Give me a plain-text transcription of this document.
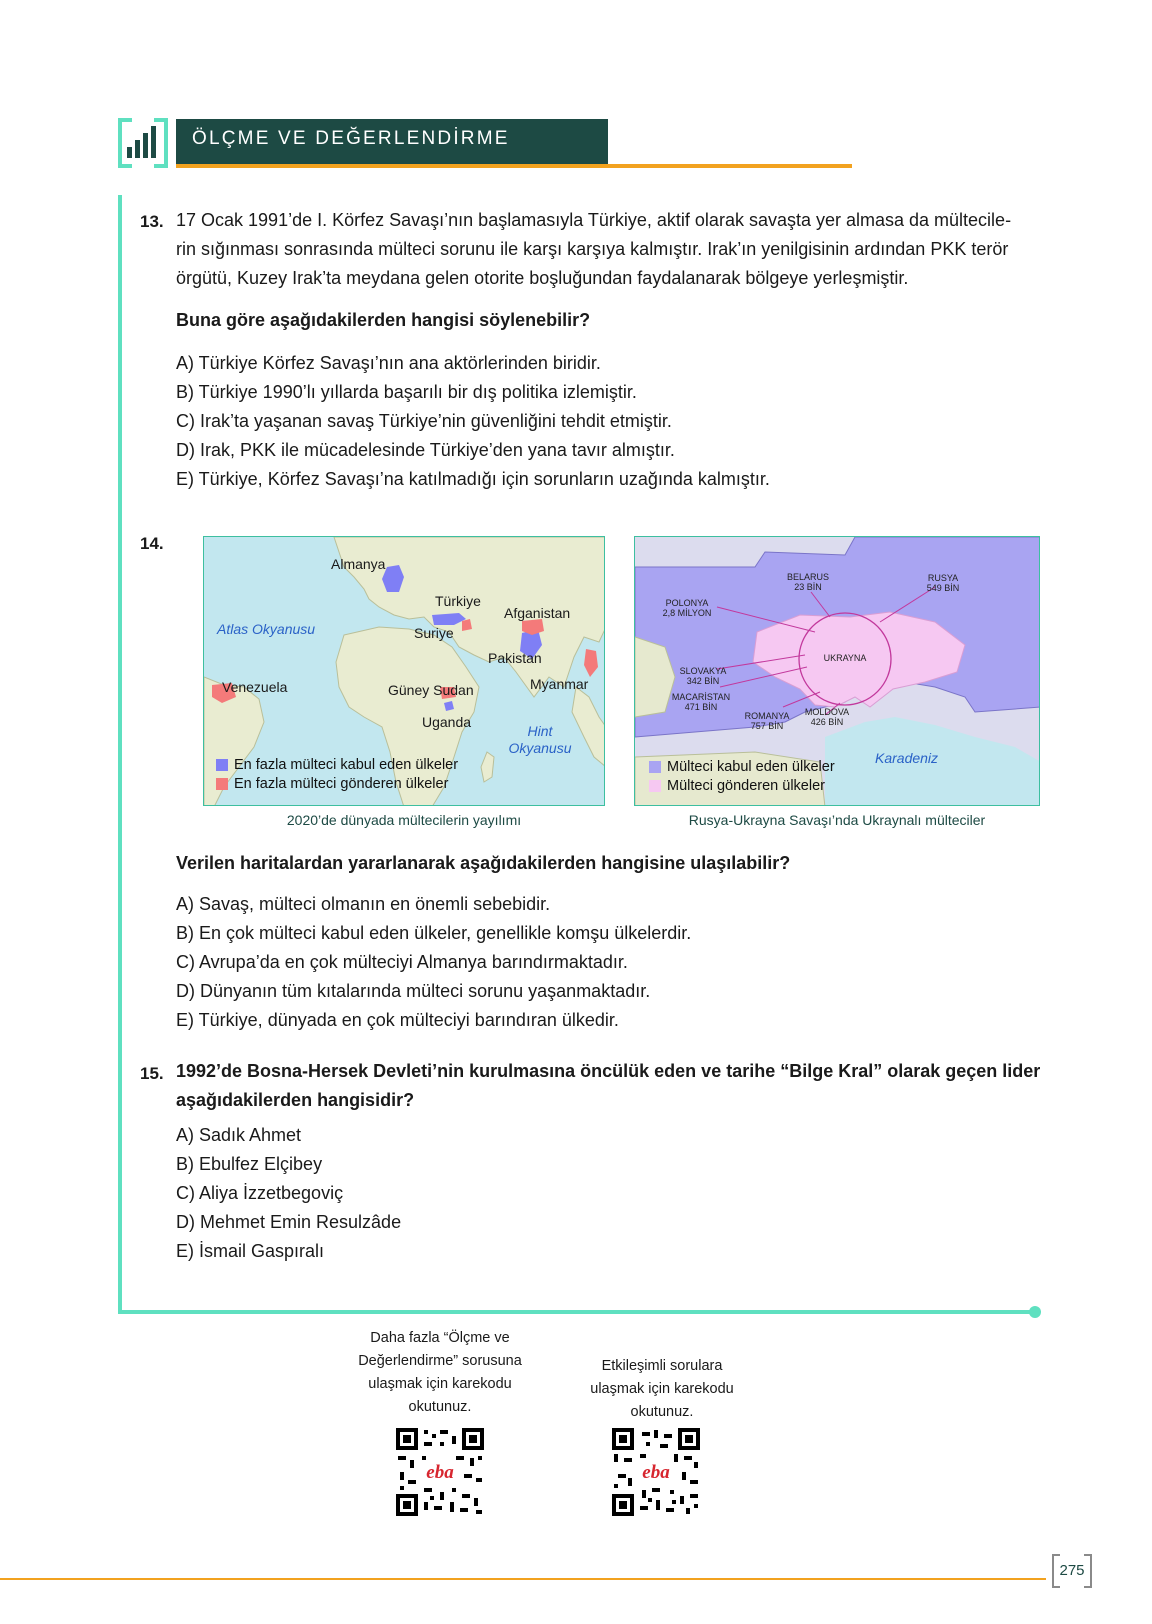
ÖLÇME VE DEĞERLENDİRME
13. 17 Ocak 1991’de I. Körfez Savaşı’nın başlamasıyla Türkiye, aktif olarak savaşta yer almasa da mültecile-
rin sığınması sonrasında mülteci sorunu ile karşı karşıya kalmıştır. Irak’ın yenilgisinin ardından PKK terör
örgütü, Kuzey Irak’ta meydana gelen otorite boşluğundan faydalanarak bölgeye yerleşmiştir.
Buna göre aşağıdakilerden hangisi söylenebilir?
A) Türkiye Körfez Savaşı’nın ana aktörlerinden biridir.
B) Türkiye 1990’lı yıllarda başarılı bir dış politika izlemiştir.
C) Irak’ta yaşanan savaş Türkiye’nin güvenliğini tehdit etmiştir.
D) Irak, PKK ile mücadelesinde Türkiye’den yana tavır almıştır.
E) Türkiye, Körfez Savaşı’na katılmadığı için sorunların uzağında kalmıştır.
14.
Almanya
Türkiye
Afganistan
Suriye
Pakistan
Venezuela	Güney Sudan	Myanmar
Uganda
Atlas Okyanusu
Hint Okyanusu
En fazla mülteci kabul eden ülkeler
En fazla mülteci gönderen ülkeler
2020’de dünyada mültecilerin yayılımı
BELARUS
23 BİN
RUSYA
549 BİN
POLONYA
2,8 MİLYON
UKRAYNA
SLOVAKYA
342 BİN
MACARİSTAN
471 BİN
ROMANYA
757 BİN
MOLDOVA
426 BİN
Karadeniz
Mülteci kabul eden ülkeler
Mülteci gönderen ülkeler
Rusya-Ukrayna Savaşı’nda Ukraynalı mülteciler
Verilen haritalardan yararlanarak aşağıdakilerden hangisine ulaşılabilir?
A) Savaş, mülteci olmanın en önemli sebebidir.
B) En çok mülteci kabul eden ülkeler, genellikle komşu ülkelerdir.
C) Avrupa’da en çok mülteciyi Almanya barındırmaktadır.
D) Dünyanın tüm kıtalarında mülteci sorunu yaşanmaktadır.
E) Türkiye, dünyada en çok mülteciyi barındıran ülkedir.
15. 1992’de Bosna-Hersek Devleti’nin kurulmasına öncülük eden ve tarihe “Bilge Kral” olarak geçen lider
aşağıdakilerden hangisidir?
A) Sadık Ahmet
B) Ebulfez Elçibey
C) Aliya İzzetbegoviç
D) Mehmet Emin Resulzâde
E) İsmail Gaspıralı
Daha fazla “Ölçme ve
Değerlendirme” sorusuna
ulaşmak için karekodu
okutunuz.
Etkileşimli sorulara
ulaşmak için karekodu
okutunuz.
eba	eba
275
